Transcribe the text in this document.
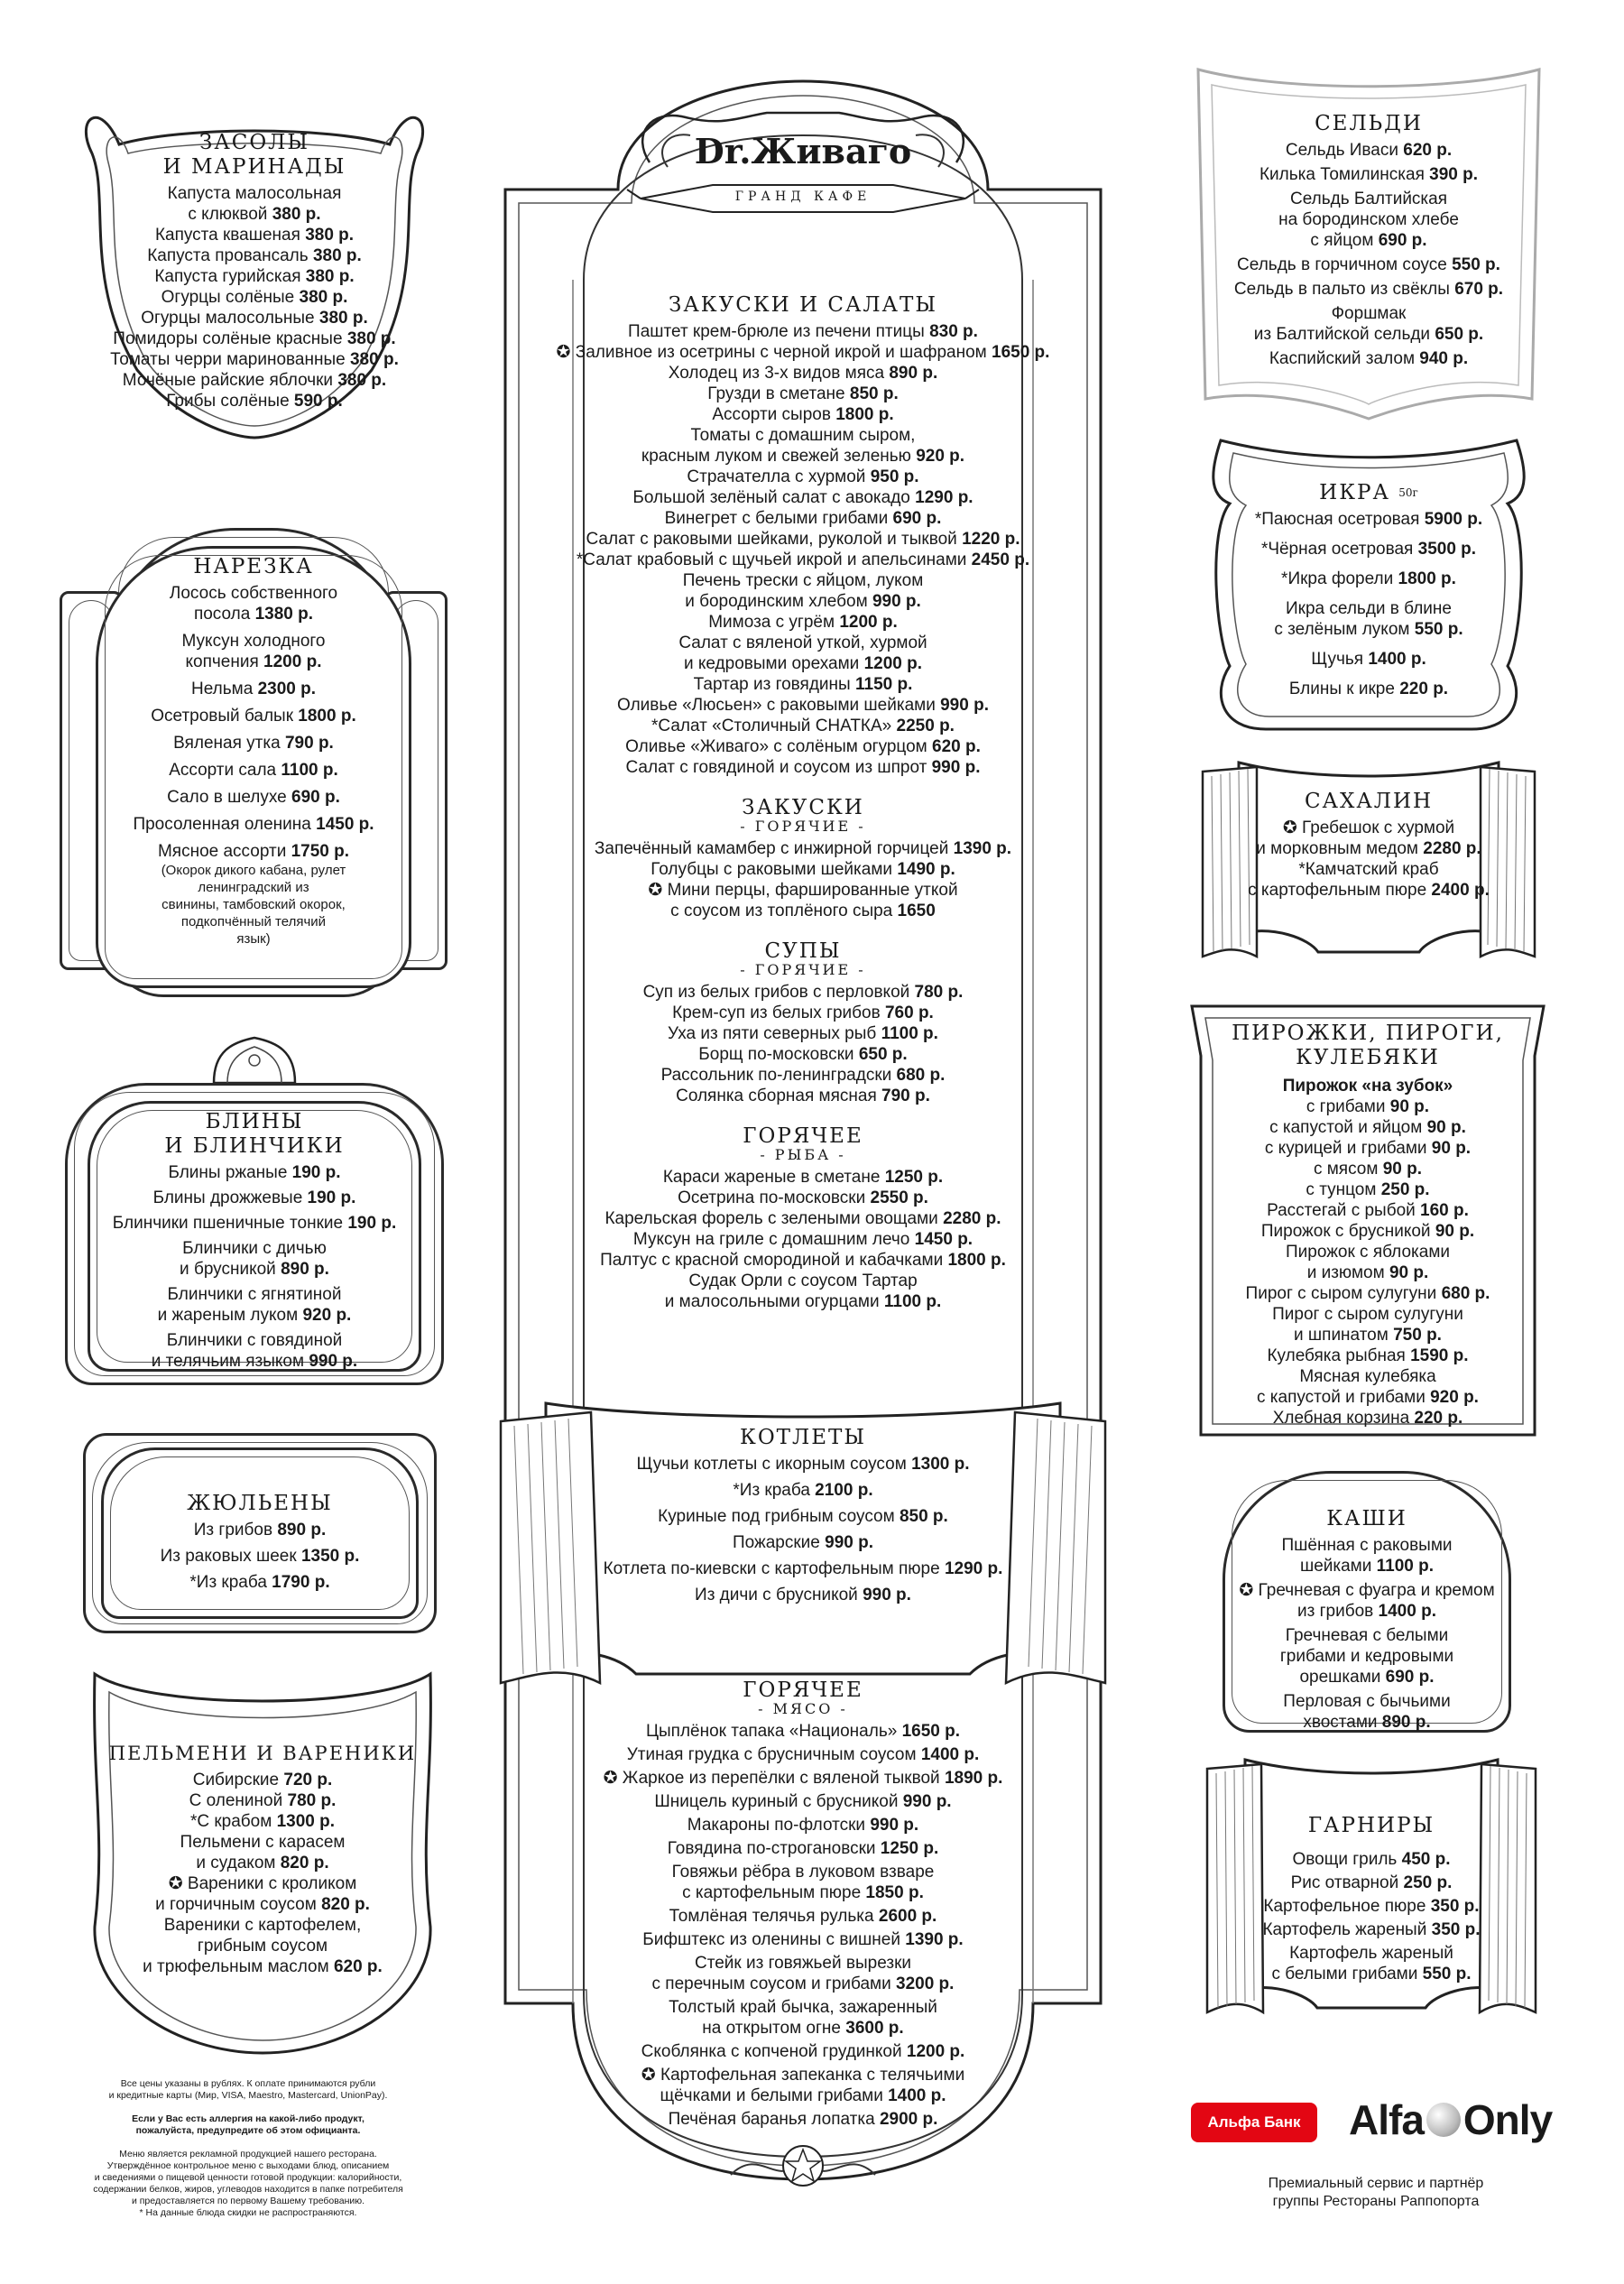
ЗАСОЛЫ
И МАРИНАДЫ
Капуста малосольная
с клюквой 380 р.
Капуста квашеная 380 р.
Капуста провансаль 380 р.
Капуста гурийская 380 р.
Огурцы солёные 380 р.
Огурцы малосольные 380 р.
Помидоры солёные красные 380 р.
Томаты черри маринованные 380 р.
Мочёные райские яблочки 380 р.
Грибы солёные 590 р.
НАРЕЗКА
Лосось собственного
посола 1380 р.
Муксун холодного
копчения 1200 р.
Нельма 2300 р.
Осетровый балык 1800 р.
Вяленая утка 790 р.
Ассорти сала 1100 р.
Сало в шелухе 690 р.
Просоленная оленина 1450 р.
Мясное ассорти 1750 р.
(Окорок дикого кабана, рулет
ленинградский из
свинины, тамбовский окорок,
подкопчённый телячий
язык)
БЛИНЫ
И БЛИНЧИКИ
Блины ржаные 190 р.
Блины дрожжевые 190 р.
Блинчики пшеничные тонкие 190 р.
Блинчики с дичью
и брусникой 890 р.
Блинчики с ягнятиной
и жареным луком 920 р.
Блинчики с говядиной
и телячьим языком 990 р.
ЖЮЛЬЕНЫ
Из грибов 890 р.
Из раковых шеек 1350 р.
*Из краба 1790 р.
ПЕЛЬМЕНИ И ВАРЕНИКИ
Сибирские 720 р.
С олениной 780 р.
*С крабом 1300 р.
Пельмени с карасем
и судаком 820 р.
✪ Вареники с кроликом
и горчичным соусом 820 р.
Вареники с картофелем,
грибным соусом
и трюфельным маслом 620 р.

Все цены указаны в рублях. К оплате принимаются рубли
и кредитные карты (Мир, VISA, Maestro, Mastercard, UnionPay).

Если у Вас есть аллергия на какой-либо продукт,
пожалуйста, предупредите об этом официанта.

Меню является рекламной продукцией нашего ресторана.
Утверждённое контрольное меню с выходами блюд, описанием
и сведениями о пищевой ценности готовой продукции: калорийности,
содержании белков, жиров, углеводов находится в папке потребителя
и предоставляется по первому Вашему требованию.
* На данные блюда скидки не распространяются.

Dr.Живаго
ГРАНД КАФЕ
ЗАКУСКИ И САЛАТЫ
Паштет крем-брюле из печени птицы 830 р.
✪ Заливное из осетрины с черной икрой и шафраном 1650 р.
Холодец из 3-х видов мяса 890 р.
Грузди в сметане 850 р.
Ассорти сыров 1800 р.
Томаты с домашним сыром,
красным луком и свежей зеленью 920 р.
Страчателла с хурмой 950 р.
Большой зелёный салат с авокадо 1290 р.
Винегрет с белыми грибами 690 р.
Салат с раковыми шейками, руколой и тыквой 1220 р.
*Салат крабовый с щучьей икрой и апельсинами 2450 р.
Печень трески с яйцом, луком
и бородинским хлебом 990 р.
Мимоза с угрём 1200 р.
Салат с вяленой уткой, хурмой
и кедровыми орехами 1200 р.
Тартар из говядины 1150 р.
Оливье «Люсьен» с раковыми шейками 990 р.
*Салат «Столичный СНАТКА» 2250 р.
Оливье «Живаго» с солёным огурцом 620 р.
Салат с говядиной и соусом из шпрот 990 р.
ЗАКУСКИ
- ГОРЯЧИЕ -
Запечённый камамбер с инжирной горчицей 1390 р.
Голубцы с раковыми шейками 1490 р.
✪ Мини перцы, фаршированные уткой
с соусом из топлёного сыра 1650
СУПЫ
- ГОРЯЧИЕ -
Суп из белых грибов с перловкой 780 р.
Крем-суп из белых грибов 760 р.
Уха из пяти северных рыб 1100 р.
Борщ по-московски 650 р.
Рассольник по-ленинградски 680 р.
Солянка сборная мясная 790 р.
ГОРЯЧЕЕ
- РЫБА -
Караси жареные в сметане 1250 р.
Осетрина по-московски 2550 р.
Карельская форель с зелеными овощами 2280 р.
Муксун на гриле с домашним лечо 1450 р.
Палтус с красной смородиной и кабачками 1800 р.
Судак Орли с соусом Тартар
и малосольными огурцами 1100 р.
КОТЛЕТЫ
Щучьи котлеты с икорным соусом 1300 р.
*Из краба 2100 р.
Куриные под грибным соусом 850 р.
Пожарские 990 р.
Котлета по-киевски с картофельным пюре 1290 р.
Из дичи с брусникой 990 р.
ГОРЯЧЕЕ
- МЯСО -
Цыплёнок тапака «Националь» 1650 р.
Утиная грудка с брусничным соусом 1400 р.
✪ Жаркое из перепёлки с вяленой тыквой 1890 р.
Шницель куриный с брусникой 990 р.
Макароны по-флотски 990 р.
Говядина по-строгановски 1250 р.
Говяжьи рёбра в луковом взваре
с картофельным пюре 1850 р.
Томлёная телячья рулька 2600 р.
Бифштекс из оленины с вишней 1390 р.
Стейк из говяжьей вырезки
с перечным соусом и грибами 3200 р.
Толстый край бычка, зажаренный
на открытом огне 3600 р.
Скоблянка с копченой грудинкой 1200 р.
✪ Картофельная запеканка с телячьими
щёчками и белыми грибами 1400 р.
Печёная баранья лопатка 2900 р.
СЕЛЬДИ
Сельдь Иваси 620 р.
Килька Томилинская 390 р.
Сельдь Балтийская
на бородинском хлебе
с яйцом 690 р.
Сельдь в горчичном соусе 550 р.
Сельдь в пальто из свёклы 670 р.
Форшмак
из Балтийской сельди 650 р.
Каспийский залом 940 р.
ИКРА $^{50г}$
*Паюсная осетровая 5900 р.
*Чёрная осетровая 3500 р.
*Икра форели 1800 р.
Икра сельди в блине
с зелёным луком 550 р.
Щучья 1400 р.
Блины к икре 220 р.
САХАЛИН
✪ Гребешок с хурмой
и морковным медом 2280 р.
*Камчатский краб
с картофельным пюре 2400 р.
ПИРОЖКИ, ПИРОГИ,
КУЛЕБЯКИ
Пирожок «на зубок»
с грибами 90 р.
с капустой и яйцом 90 р.
с курицей и грибами 90 р.
с мясом 90 р.
с тунцом 250 р.
Расстегай с рыбой 160 р.
Пирожок с брусникой 90 р.
Пирожок с яблоками
и изюмом 90 р.
Пирог с сыром сулугуни 680 р.
Пирог с сыром сулугуни
и шпинатом 750 р.
Кулебяка рыбная 1590 р.
Мясная кулебяка
с капустой и грибами 920 р.
Хлебная корзина 220 р.
КАШИ
Пшённая с раковыми
шейками 1100 р.
✪ Гречневая с фуагра и кремом
из грибов 1400 р.
Гречневая с белыми
грибами и кедровыми
орешками 690 р.
Перловая с бычьими
хвостами 890 р.
ГАРНИРЫ
Овощи гриль 450 р.
Рис отварной 250 р.
Картофельное пюре 350 р.
Картофель жареный 350 р.
Картофель жареный
с белыми грибами 550 р.
Альфа Банк Alfa Only
Премиальный сервис и партнёр
группы Рестораны Раппопорта
